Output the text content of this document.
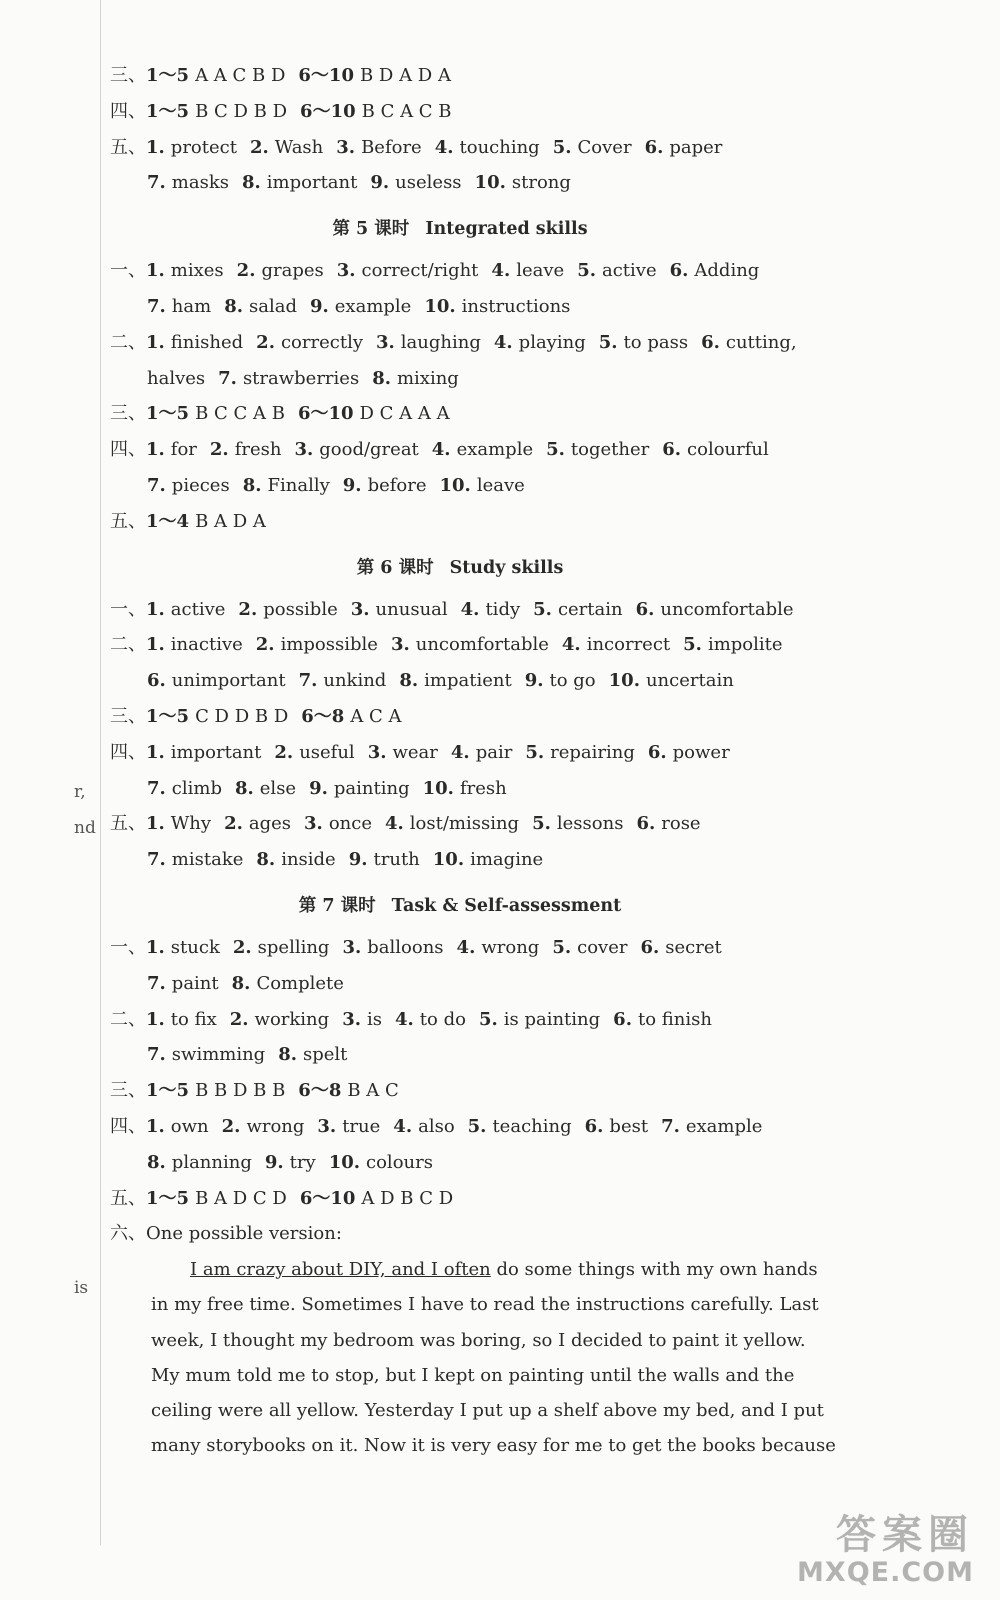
r,
nd
is
三、1～5 A A C B D 6～10 B D A D A
四、1～5 B C D B D 6～10 B C A C B
五、1. protect 2. Wash 3. Before 4. touching 5. Cover 6. paper
7. masks 8. important 9. useless 10. strong
第 5 课时 Integrated skills
一、1. mixes 2. grapes 3. correct/right 4. leave 5. active 6. Adding
7. ham 8. salad 9. example 10. instructions
二、1. finished 2. correctly 3. laughing 4. playing 5. to pass 6. cutting,
halves 7. strawberries 8. mixing
三、1～5 B C C A B 6～10 D C A A A
四、1. for 2. fresh 3. good/great 4. example 5. together 6. colourful
7. pieces 8. Finally 9. before 10. leave
五、1～4 B A D A
第 6 课时 Study skills
一、1. active 2. possible 3. unusual 4. tidy 5. certain 6. uncomfortable
二、1. inactive 2. impossible 3. uncomfortable 4. incorrect 5. impolite
6. unimportant 7. unkind 8. impatient 9. to go 10. uncertain
三、1～5 C D D B D 6～8 A C A
四、1. important 2. useful 3. wear 4. pair 5. repairing 6. power
7. climb 8. else 9. painting 10. fresh
五、1. Why 2. ages 3. once 4. lost/missing 5. lessons 6. rose
7. mistake 8. inside 9. truth 10. imagine
第 7 课时 Task & Self-assessment
一、1. stuck 2. spelling 3. balloons 4. wrong 5. cover 6. secret
7. paint 8. Complete
二、1. to fix 2. working 3. is 4. to do 5. is painting 6. to finish
7. swimming 8. spelt
三、1～5 B B D B B 6～8 B A C
四、1. own 2. wrong 3. true 4. also 5. teaching 6. best 7. example
8. planning 9. try 10. colours
五、1～5 B A D C D 6～10 A D B C D
六、One possible version:
I am crazy about DIY, and I often do some things with my own hands
in my free time. Sometimes I have to read the instructions carefully. Last
week, I thought my bedroom was boring, so I decided to paint it yellow.
My mum told me to stop, but I kept on painting until the walls and the
ceiling were all yellow. Yesterday I put up a shelf above my bed, and I put
many storybooks on it. Now it is very easy for me to get the books because
答案圈
MXQE.COM
